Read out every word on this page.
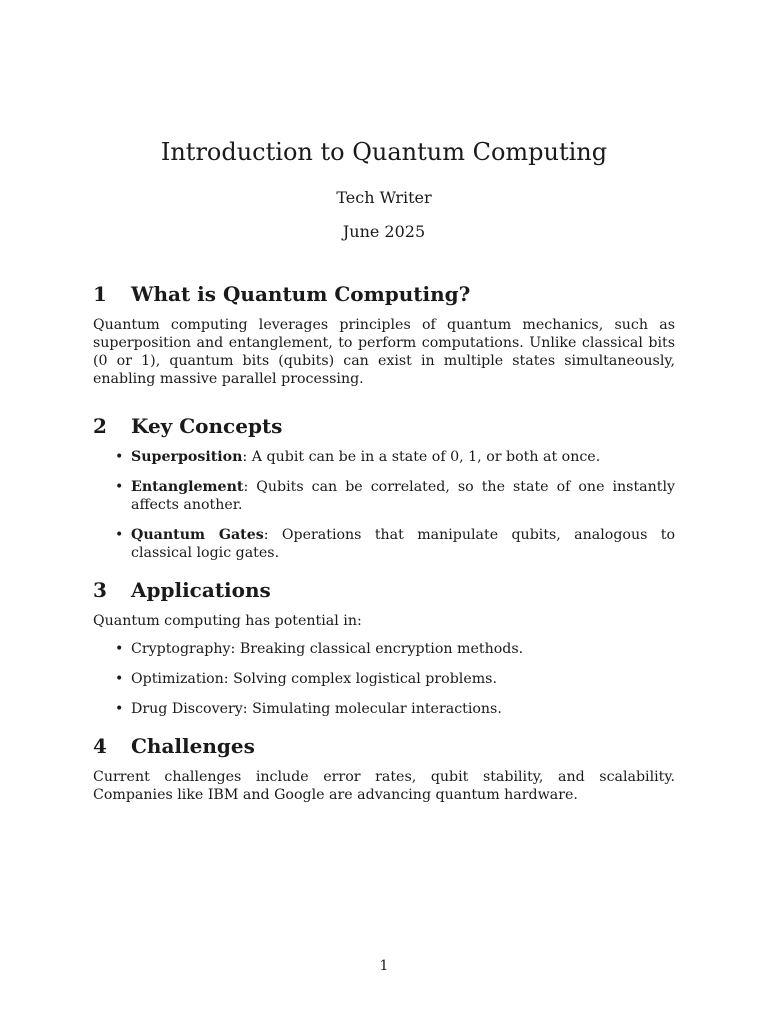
Introduction to Quantum Computing

Tech Writer

June 2025

1	What is Quantum Computing?

Quantum computing leverages principles of quantum mechanics, such as superposition and entanglement, to perform computations. Unlike classical bits (0 or 1), quantum bits (qubits) can exist in multiple states simultaneously, enabling massive parallel processing.

2	Key Concepts
• Superposition: A qubit can be in a state of 0, 1, or both at once.
• Entanglement: Qubits can be correlated, so the state of one instantly affects another.
• Quantum Gates: Operations that manipulate qubits, analogous to classical logic gates.
3	Applications

Quantum computing has potential in:

• Cryptography: Breaking classical encryption methods.
• Optimization: Solving complex logistical problems.
• Drug Discovery: Simulating molecular interactions.
4	Challenges

Current challenges include error rates, qubit stability, and scalability. Companies like IBM and Google are advancing quantum hardware.

1
